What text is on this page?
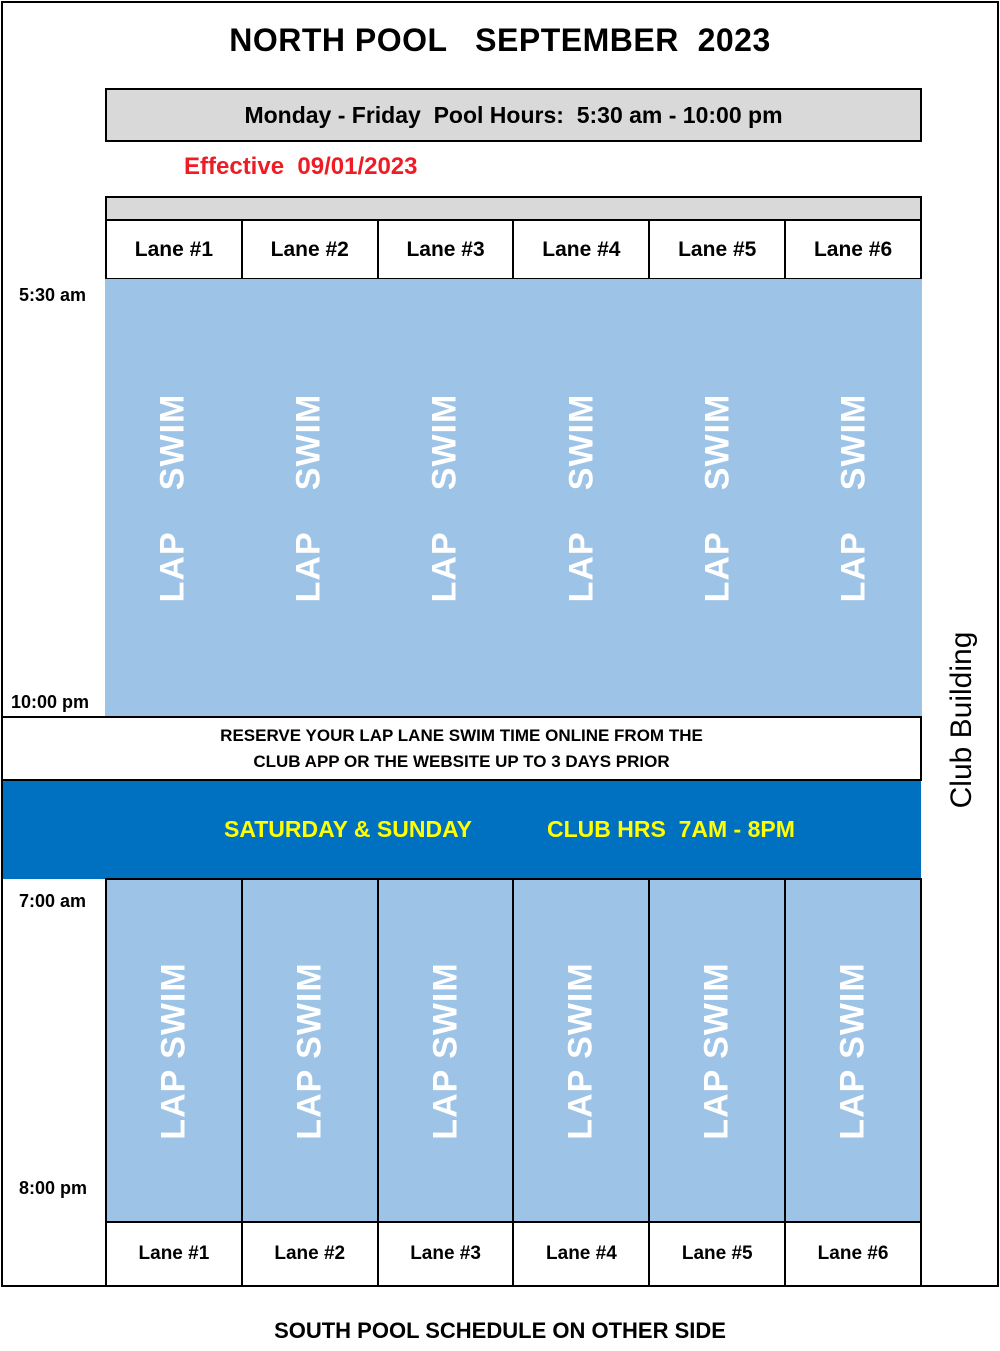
NORTH POOL   SEPTEMBER  2023
Monday - Friday  Pool Hours:  5:30 am - 10:00 pm
Effective  09/01/2023
Lane #1	Lane #2	Lane #3	Lane #4	Lane #5	Lane #6
5:30 am
10:00 pm
LAP    SWIM	LAP    SWIM	LAP    SWIM	LAP    SWIM	LAP    SWIM	LAP    SWIM
RESERVE YOUR LAP LANE SWIM TIME ONLINE FROM THE
CLUB APP OR THE WEBSITE UP TO 3 DAYS PRIOR
SATURDAY & SUNDAY	CLUB HRS  7AM - 8PM
7:00 am
8:00 pm
LAP SWIM	LAP SWIM	LAP SWIM	LAP SWIM	LAP SWIM	LAP SWIM
Lane #1	Lane #2	Lane #3	Lane #4	Lane #5	Lane #6
Club Building
SOUTH POOL SCHEDULE ON OTHER SIDE
